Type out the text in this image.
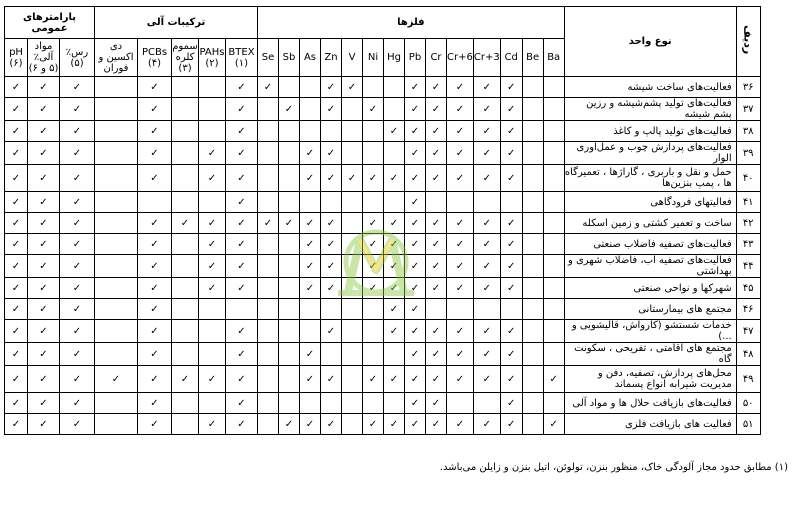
پارامترهای عمومی			ترکیبات آلی					فلزها														نوع واحد	ردیف
pH (۶)	مواد آلی٪ (۵ و ۶)	رس٪ (۵)	دی اکسین و فوران	PCBs (۴)	سموم کلره (۳)	PAHs (۲)	BTEX (۱)	Se	Sb	As	Zn	V	Ni	Hg	Pb	Cr	Cr+6	Cr+3	Cd	Be	Ba		
✓	✓	✓		✓			✓	✓			✓	✓			✓	✓	✓	✓	✓			فعالیت‌های ساخت شیشه	۳۶
✓	✓	✓		✓			✓		✓		✓		✓		✓	✓	✓	✓	✓			فعالیت‌های تولید پشم‌شیشه و رزین پشم شیشه	۳۷
✓	✓	✓		✓			✓							✓	✓	✓	✓	✓	✓			فعالیت‌های تولید پالپ و کاغذ	۳۸
✓	✓	✓		✓		✓	✓			✓	✓				✓	✓	✓	✓	✓			فعالیت‌های پردازش چوب و عمل‌آوری الوار	۳۹
✓	✓	✓		✓		✓	✓			✓	✓	✓	✓	✓	✓	✓	✓	✓	✓			حمل و نقل و باربری ، گاراژها ، تعمیرگاه ها ، پمپ بنزین‌ها	۴۰
✓	✓	✓					✓								✓							فعالیتهای فرودگاهی	۴۱
✓	✓	✓		✓	✓	✓	✓	✓	✓	✓	✓		✓	✓	✓	✓	✓	✓	✓			ساخت و تعمیر کشتی و زمین اسکله	۴۲
✓	✓	✓		✓		✓	✓			✓	✓		✓	✓	✓	✓	✓	✓	✓			فعالیت‌های تصفیه فاضلاب صنعتی	۴۳
✓	✓	✓		✓		✓	✓			✓	✓		✓	✓	✓	✓	✓	✓	✓			فعالیت‌های تصفیه آب، فاضلاب شهری و بهداشتی	۴۴
✓	✓	✓		✓		✓	✓			✓	✓		✓	✓	✓	✓	✓	✓	✓			شهرکها و نواحی صنعتی	۴۵
✓	✓	✓		✓										✓	✓							مجتمع های بیمارستانی	۴۶
✓	✓	✓		✓			✓				✓			✓	✓	✓	✓	✓	✓			خدمات شستشو (کارواش، قالیشویی و ...)	۴۷
✓	✓	✓		✓			✓			✓					✓	✓	✓	✓	✓			مجتمع های اقامتی ، تفریحی ، سکونت گاه	۴۸
✓	✓	✓	✓	✓	✓	✓	✓			✓	✓		✓	✓	✓	✓	✓	✓	✓		✓	محل‌های پردازش، تصفیه، دفن و مدیریت شیرابه انواع پسماند	۴۹
✓	✓	✓		✓			✓								✓	✓			✓			فعالیت‌های بازیافت حلال ها و مواد آلی	۵۰
✓	✓	✓		✓		✓	✓		✓	✓	✓		✓	✓	✓	✓	✓	✓	✓		✓	فعالیت های بازیافت فلزی	۵۱
(۱) مطابق حدود مجاز آلودگی خاک، منظور بنزن، تولوئن، اتیل بنزن و زایلن می‌باشد.
